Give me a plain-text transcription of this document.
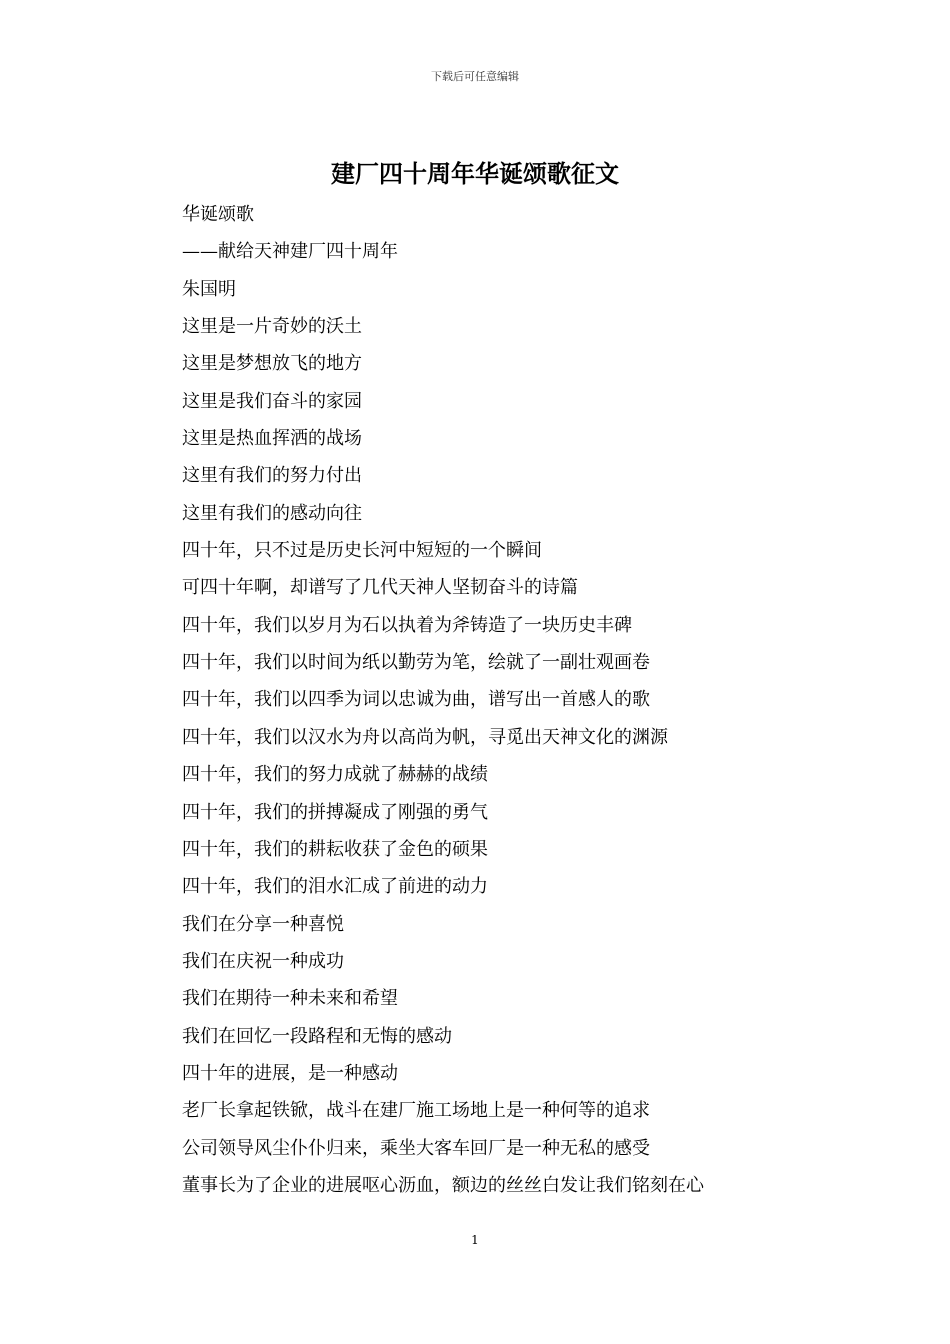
下载后可任意编辑
建厂四十周年华诞颂歌征文
华诞颂歌
——献给天神建厂四十周年
朱国明
这里是一片奇妙的沃土
这里是梦想放飞的地方
这里是我们奋斗的家园
这里是热血挥洒的战场
这里有我们的努力付出
这里有我们的感动向往
四十年，只不过是历史长河中短短的一个瞬间
可四十年啊，却谱写了几代天神人坚韧奋斗的诗篇
四十年，我们以岁月为石以执着为斧铸造了一块历史丰碑
四十年，我们以时间为纸以勤劳为笔，绘就了一副壮观画卷
四十年，我们以四季为词以忠诚为曲，谱写出一首感人的歌
四十年，我们以汉水为舟以高尚为帆，寻觅出天神文化的渊源
四十年，我们的努力成就了赫赫的战绩
四十年，我们的拼搏凝成了刚强的勇气
四十年，我们的耕耘收获了金色的硕果
四十年，我们的泪水汇成了前进的动力
我们在分享一种喜悦
我们在庆祝一种成功
我们在期待一种未来和希望
我们在回忆一段路程和无悔的感动
四十年的进展，是一种感动
老厂长拿起铁锨，战斗在建厂施工场地上是一种何等的追求
公司领导风尘仆仆归来，乘坐大客车回厂是一种无私的感受
董事长为了企业的进展呕心沥血，额边的丝丝白发让我们铭刻在心
1
